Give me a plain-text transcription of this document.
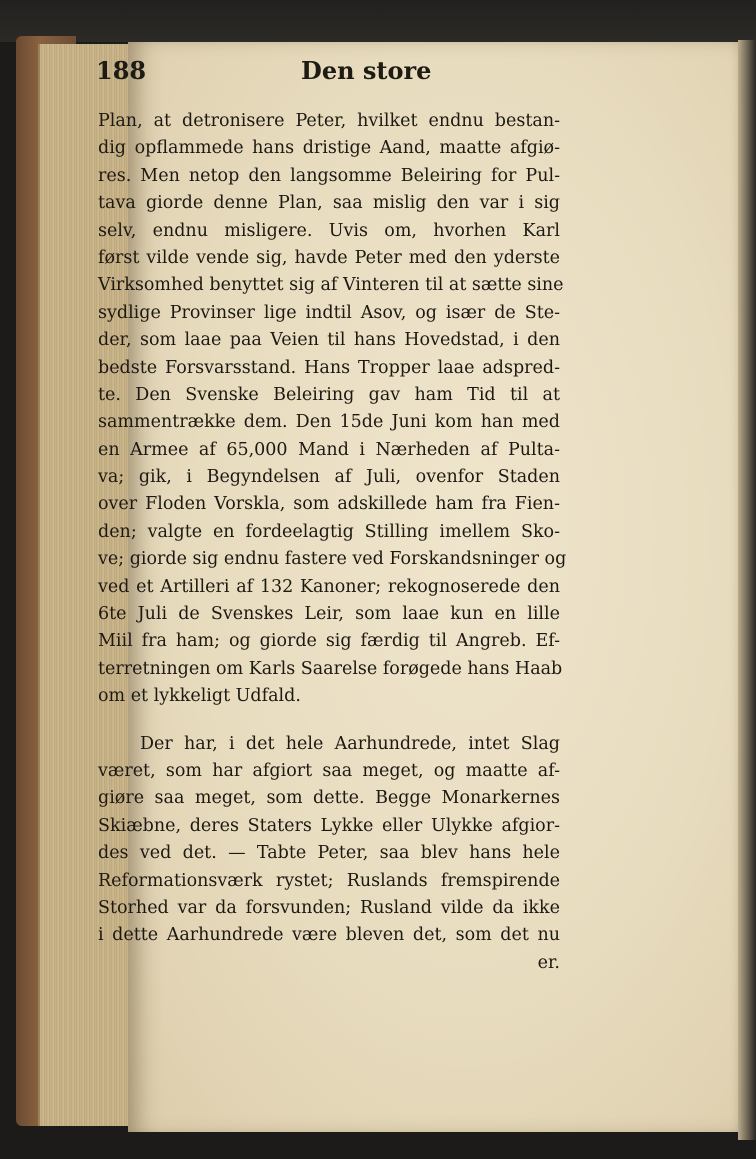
188	Den store
Plan, at detronisere Peter, hvilket endnu bestan-
dig opflammede hans dristige Aand, maatte afgiø-
res. Men netop den langsomme Beleiring for Pul-
tava giorde denne Plan, saa mislig den var i sig
selv, endnu misligere. Uvis om, hvorhen Karl
først vilde vende sig, havde Peter med den yderste
Virksomhed benyttet sig af Vinteren til at sætte sine
sydlige Provinser lige indtil Asov, og især de Ste-
der, som laae paa Veien til hans Hovedstad, i den
bedste Forsvarsstand. Hans Tropper laae adspred-
te. Den Svenske Beleiring gav ham Tid til at
sammentrække dem. Den 15de Juni kom han med
en Armee af 65,000 Mand i Nærheden af Pulta-
va; gik, i Begyndelsen af Juli, ovenfor Staden
over Floden Vorskla, som adskillede ham fra Fien-
den; valgte en fordeelagtig Stilling imellem Sko-
ve; giorde sig endnu fastere ved Forskandsninger og
ved et Artilleri af 132 Kanoner; rekognoserede den
6te Juli de Svenskes Leir, som laae kun en lille
Miil fra ham; og giorde sig færdig til Angreb. Ef-
terretningen om Karls Saarelse forøgede hans Haab
om et lykkeligt Udfald.
Der har, i det hele Aarhundrede, intet Slag
været, som har afgiort saa meget, og maatte af-
giøre saa meget, som dette. Begge Monarkernes
Skiæbne, deres Staters Lykke eller Ulykke afgior-
des ved det. — Tabte Peter, saa blev hans hele
Reformationsværk rystet; Ruslands fremspirende
Storhed var da forsvunden; Rusland vilde da ikke
i dette Aarhundrede være bleven det, som det nu
er.
